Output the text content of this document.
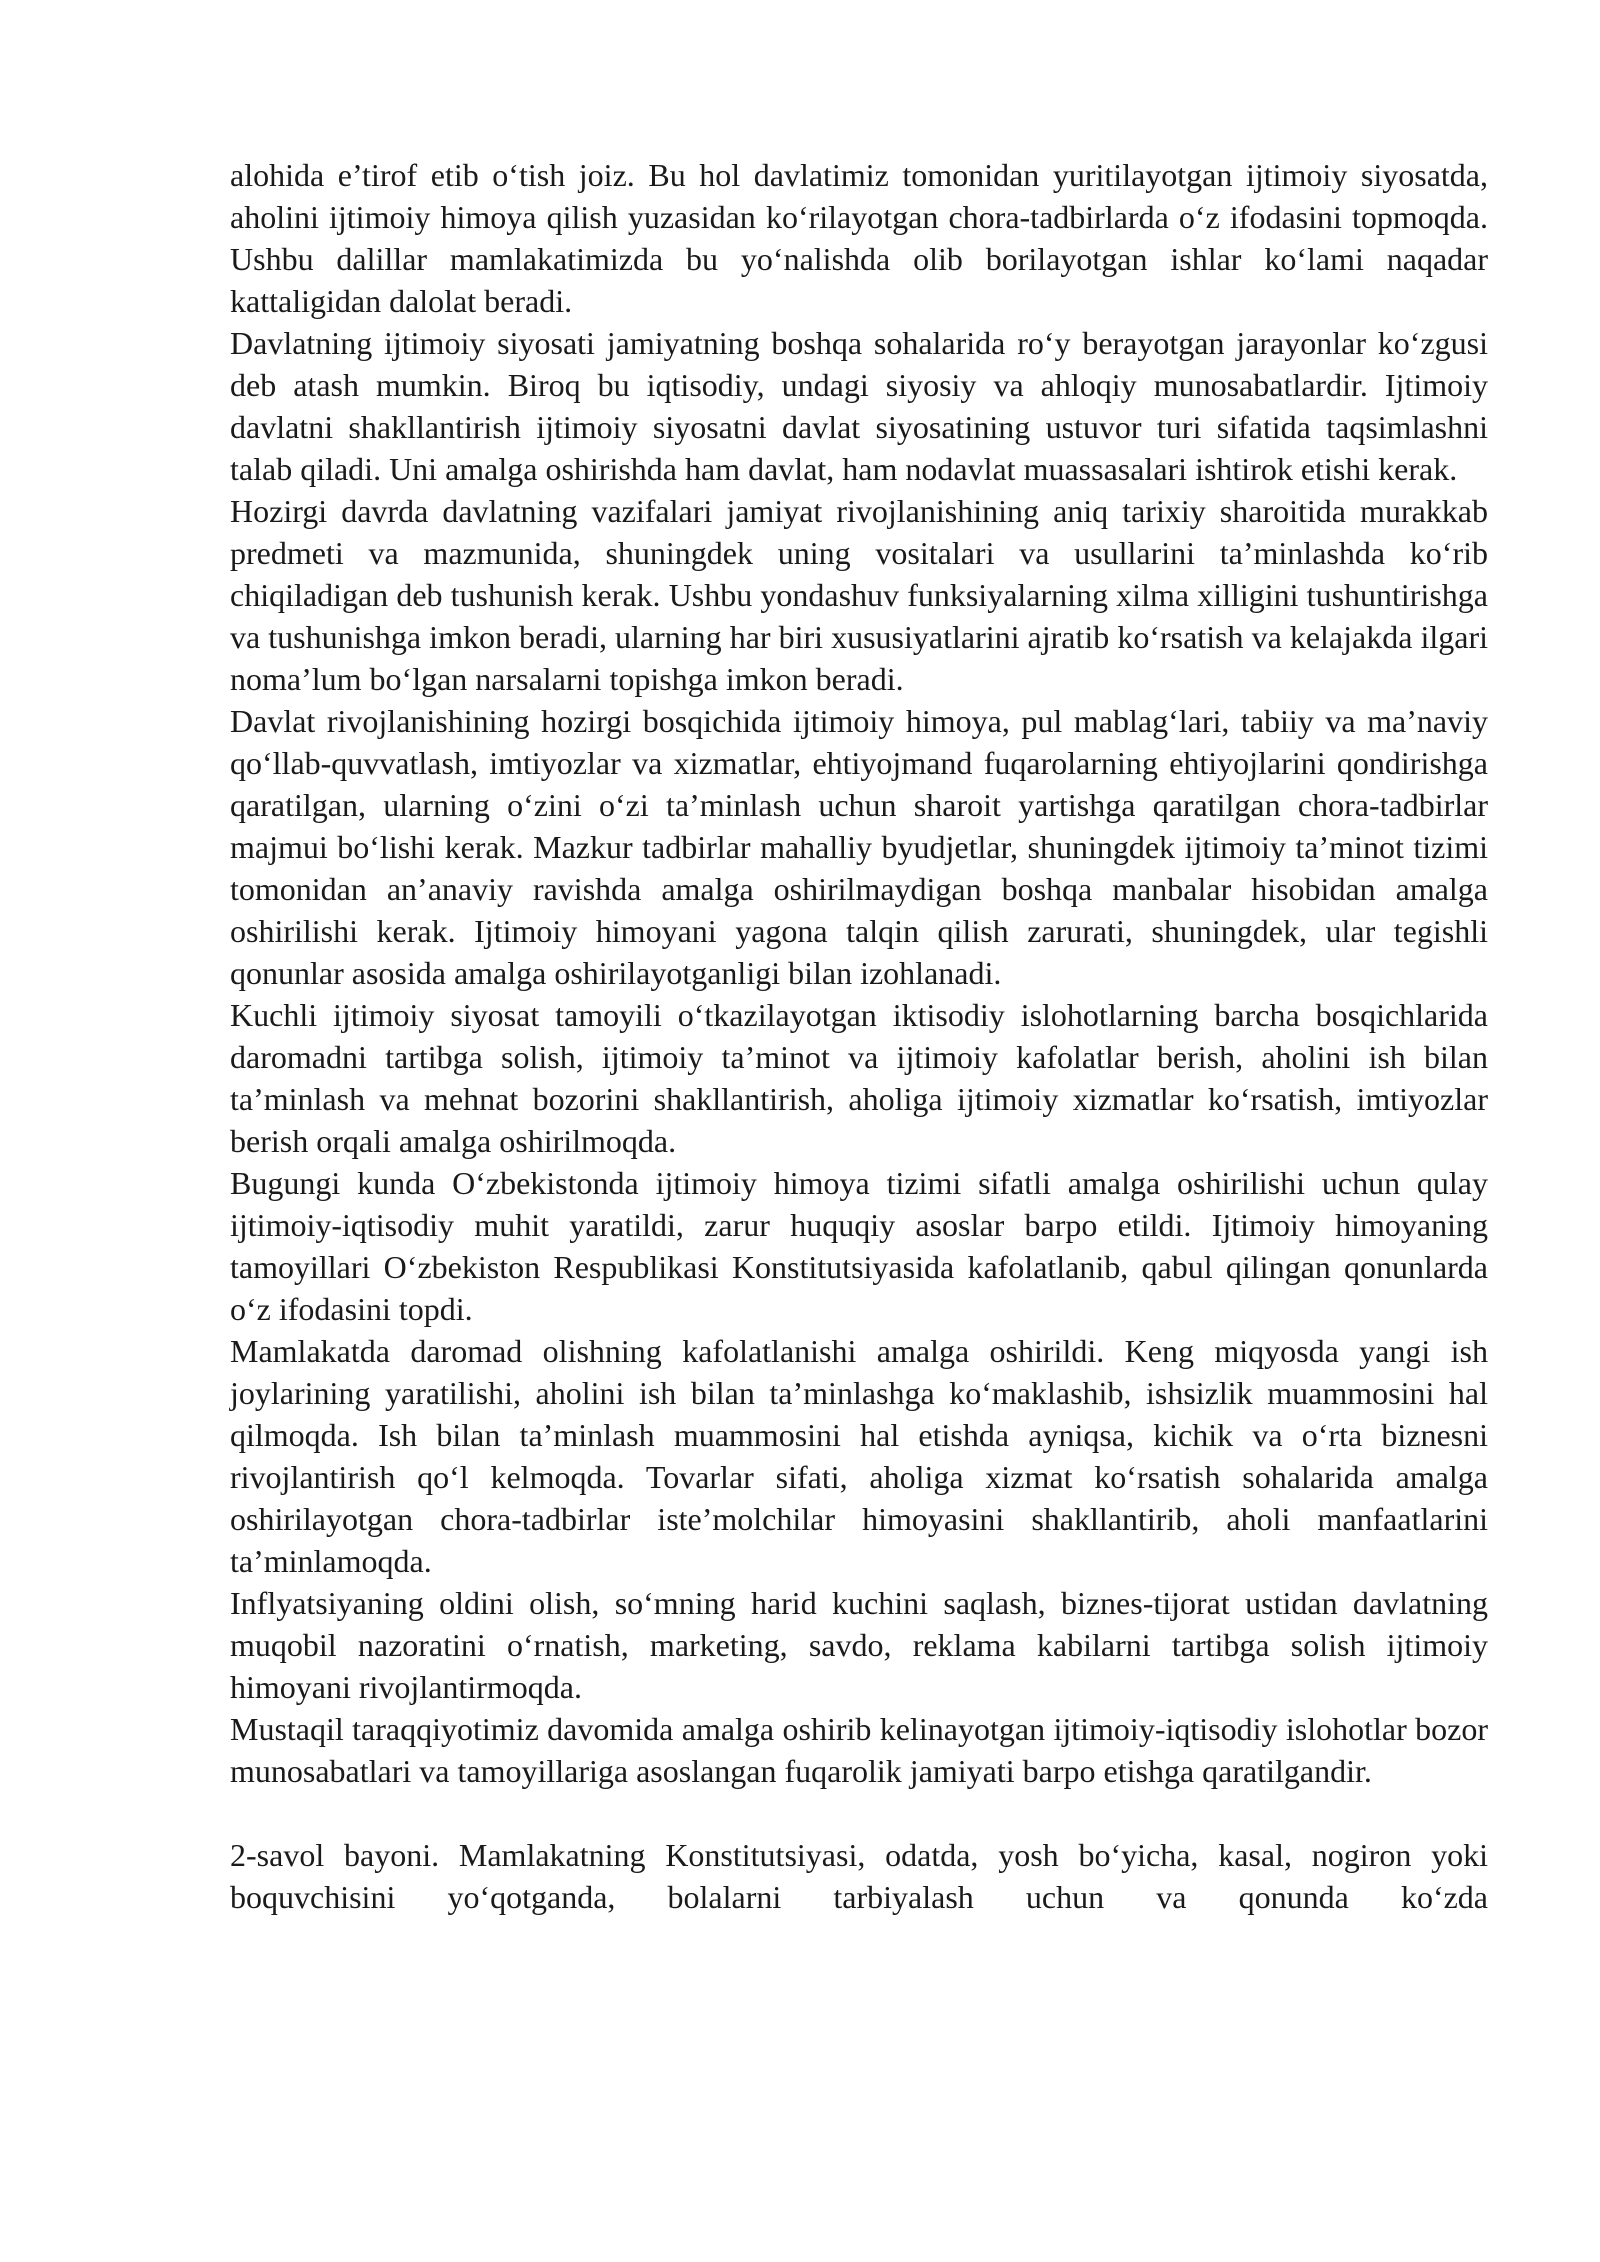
alohida e’tirof etib o‘tish joiz. Bu hol davlatimiz tomonidan yuritilayotgan ijtimoiy siyosatda, aholini ijtimoiy himoya qilish yuzasidan ko‘rilayotgan chora-tadbirlarda o‘z ifodasini topmoqda. Ushbu dalillar mamlakatimizda bu yo‘nalishda olib borilayotgan ishlar ko‘lami naqadar kattaligidan dalolat beradi.

Davlatning ijtimoiy siyosati jamiyatning boshqa sohalarida ro‘y berayotgan jarayonlar ko‘zgusi deb atash mumkin. Biroq bu iqtisodiy, undagi siyosiy va ahloqiy munosabatlardir. Ijtimoiy davlatni shakllantirish ijtimoiy siyosatni davlat siyosatining ustuvor turi sifatida taqsimlashni talab qiladi. Uni amalga oshirishda ham davlat, ham nodavlat muassasalari ishtirok etishi kerak.

Hozirgi davrda davlatning vazifalari jamiyat rivojlanishining aniq tarixiy sharoitida murakkab predmeti va mazmunida, shuningdek uning vositalari va usullarini ta’minlashda ko‘rib chiqiladigan deb tushunish kerak. Ushbu yondashuv funksiyalarning xilma xilligini tushuntirishga va tushunishga imkon beradi, ularning har biri xususiyatlarini ajratib ko‘rsatish va kelajakda ilgari noma’lum bo‘lgan narsalarni topishga imkon beradi.

Davlat rivojlanishining hozirgi bosqichida ijtimoiy himoya, pul mablag‘lari, tabiiy va ma’naviy qo‘llab-quvvatlash, imtiyozlar va xizmatlar, ehtiyojmand fuqarolarning ehtiyojlarini qondirishga qaratilgan, ularning o‘zini o‘zi ta’minlash uchun sharoit yartishga qaratilgan chora-tadbirlar majmui bo‘lishi kerak. Mazkur tadbirlar mahalliy byudjetlar, shuningdek ijtimoiy ta’minot tizimi tomonidan an’anaviy ravishda amalga oshirilmaydigan boshqa manbalar hisobidan amalga oshirilishi kerak. Ijtimoiy himoyani yagona talqin qilish zarurati, shuningdek, ular tegishli qonunlar asosida amalga oshirilayotganligi bilan izohlanadi.

Kuchli ijtimoiy siyosat tamoyili o‘tkazilayotgan iktisodiy islohotlarning barcha bosqichlarida daromadni tartibga solish, ijtimoiy ta’minot va ijtimoiy kafolatlar berish, aholini ish bilan ta’minlash va mehnat bozorini shakllantirish, aholiga ijtimoiy xizmatlar ko‘rsatish, imtiyozlar berish orqali amalga oshirilmoqda.

Bugungi kunda O‘zbekistonda ijtimoiy himoya tizimi sifatli amalga oshirilishi uchun qulay ijtimoiy-iqtisodiy muhit yaratildi, zarur huquqiy asoslar barpo etildi. Ijtimoiy himoyaning tamoyillari O‘zbekiston Respublikasi Konstitutsiyasida kafolatlanib, qabul qilingan qonunlarda o‘z ifodasini topdi.

Mamlakatda daromad olishning kafolatlanishi amalga oshirildi. Keng miqyosda yangi ish joylarining yaratilishi, aholini ish bilan ta’minlashga ko‘maklashib, ishsizlik muammosini hal qilmoqda. Ish bilan ta’minlash muammosini hal etishda ayniqsa, kichik va o‘rta biznesni rivojlantirish qo‘l kelmoqda. Tovarlar sifati, aholiga xizmat ko‘rsatish sohalarida amalga oshirilayotgan chora-tadbirlar iste’molchilar himoyasini shakllantirib, aholi manfaatlarini ta’minlamoqda.

Inflyatsiyaning oldini olish, so‘mning harid kuchini saqlash, biznes-tijorat ustidan davlatning muqobil nazoratini o‘rnatish, marketing, savdo, reklama kabilarni tartibga solish ijtimoiy himoyani rivojlantirmoqda.

Mustaqil taraqqiyotimiz davomida amalga oshirib kelinayotgan ijtimoiy-iqtisodiy islohotlar bozor munosabatlari va tamoyillariga asoslangan fuqarolik jamiyati barpo etishga qaratilgandir.

2-savol bayoni. Mamlakatning Konstitutsiyasi, odatda, yosh bo‘yicha, kasal, nogiron yoki boquvchisini yo‘qotganda, bolalarni tarbiyalash uchun va qonunda ko‘zda
